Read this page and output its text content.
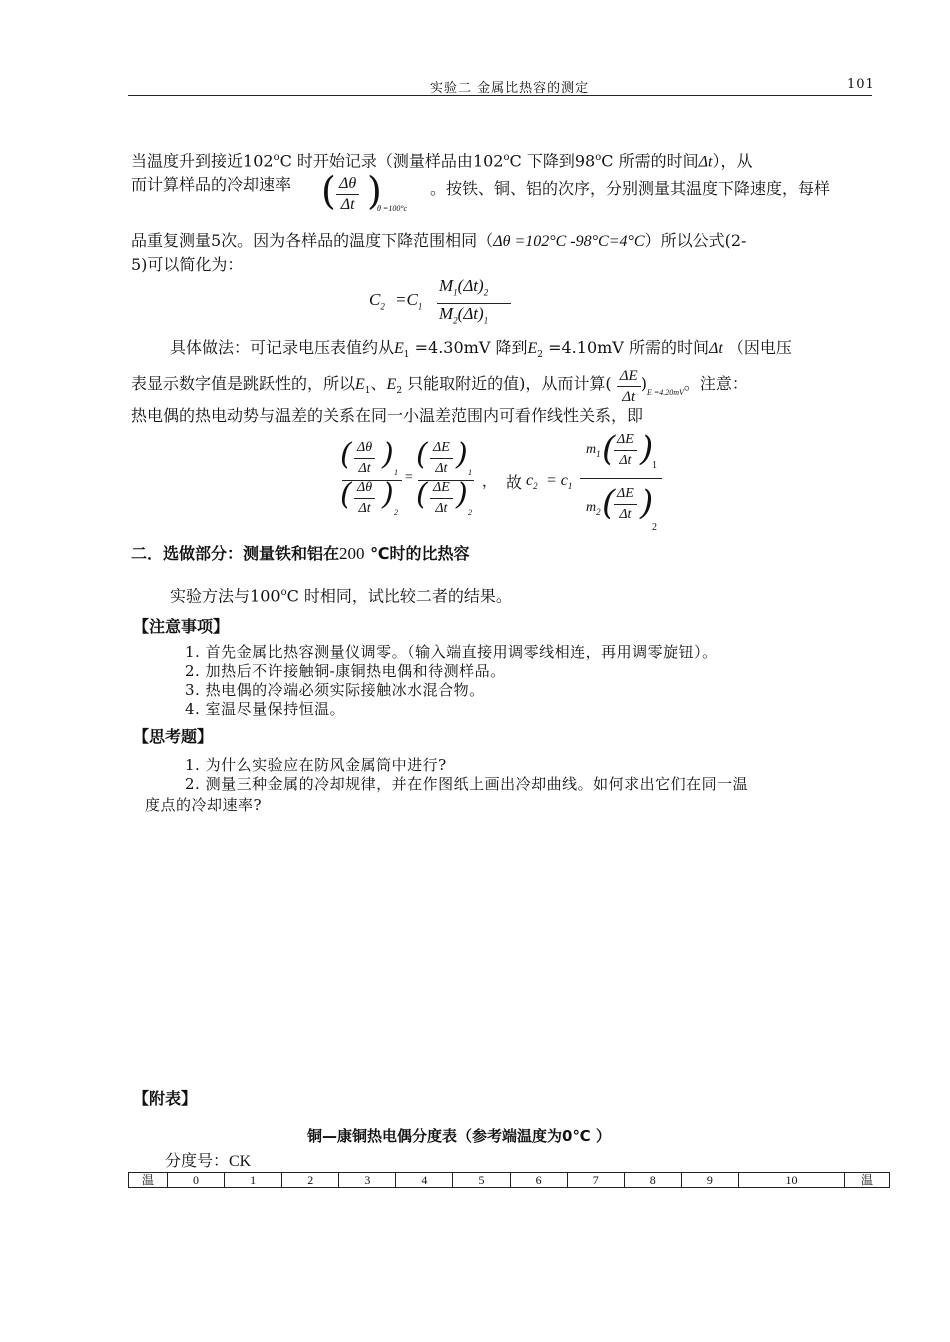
实验二 金属比热容的测定	101
当温度升到接近102$^o$C 时开始记录（测量样品由102$^o$C 下降到98$^o$C 所需的时间Δt），从
而计算样品的冷却速率 ( $\frac{\Delta\theta}{\Delta t}$ )
θ =100°c
。按铁、铜、铝的次序，分别测量其温度下降速度，每样
品重复测量5次。因为各样品的温度下降范围相同（Δθ =102°C -98°C=4°C）所以公式(2-
5)可以简化为：
$C_2 =C_1$
$M_1(\Delta t)_2$
$M_2(\Delta t)_1$
具体做法：可记录电压表值约从$E_1 =4.30mV$ 降到$E_2 =4.10mV$ 所需的时间Δt （因电压
表显示数字值是跳跃性的，所以$E_1$、$E_2$ 只能取附近的值)，从而计算( $\frac{\Delta E}{\Delta t} )_{E =4.20mV}$。注意：
热电偶的热电动势与温差的关系在同一小温差范围内可看作线性关系，即
( $\frac{\Delta\theta}{\Delta t}$ )
1
( $\frac{\Delta\theta}{\Delta t}$ )
2
=
( $\frac{\Delta E}{\Delta t}$ )
1
( $\frac{\Delta E}{\Delta t}$ )
2
， 故 $c_2 = c_1$
$m_1$ (
$\frac{\Delta E}{\Delta t}$ )
1
$m_2$ (
$\frac{\Delta E}{\Delta t}$ )
2
二．选做部分：测量铁和铝在200 ℃时的比热容
实验方法与100$^o$C 时相同，试比较二者的结果。
【注意事项】
1. 首先金属比热容测量仪调零。（输入端直接用调零线相连，再用调零旋钮）。
2. 加热后不许接触铜-康铜热电偶和待测样品。
3. 热电偶的冷端必须实际接触冰水混合物。
4. 室温尽量保持恒温。
【思考题】
1. 为什么实验应在防风金属筒中进行?
2. 测量三种金属的冷却规律，并在作图纸上画出冷却曲线。如何求出它们在同一温
度点的冷却速率?
【附表】
铜—康铜热电偶分度表（参考端温度为0℃ ）
分度号：CK
温	0	1	2	3	4	5	6	7	8	9	10	温
